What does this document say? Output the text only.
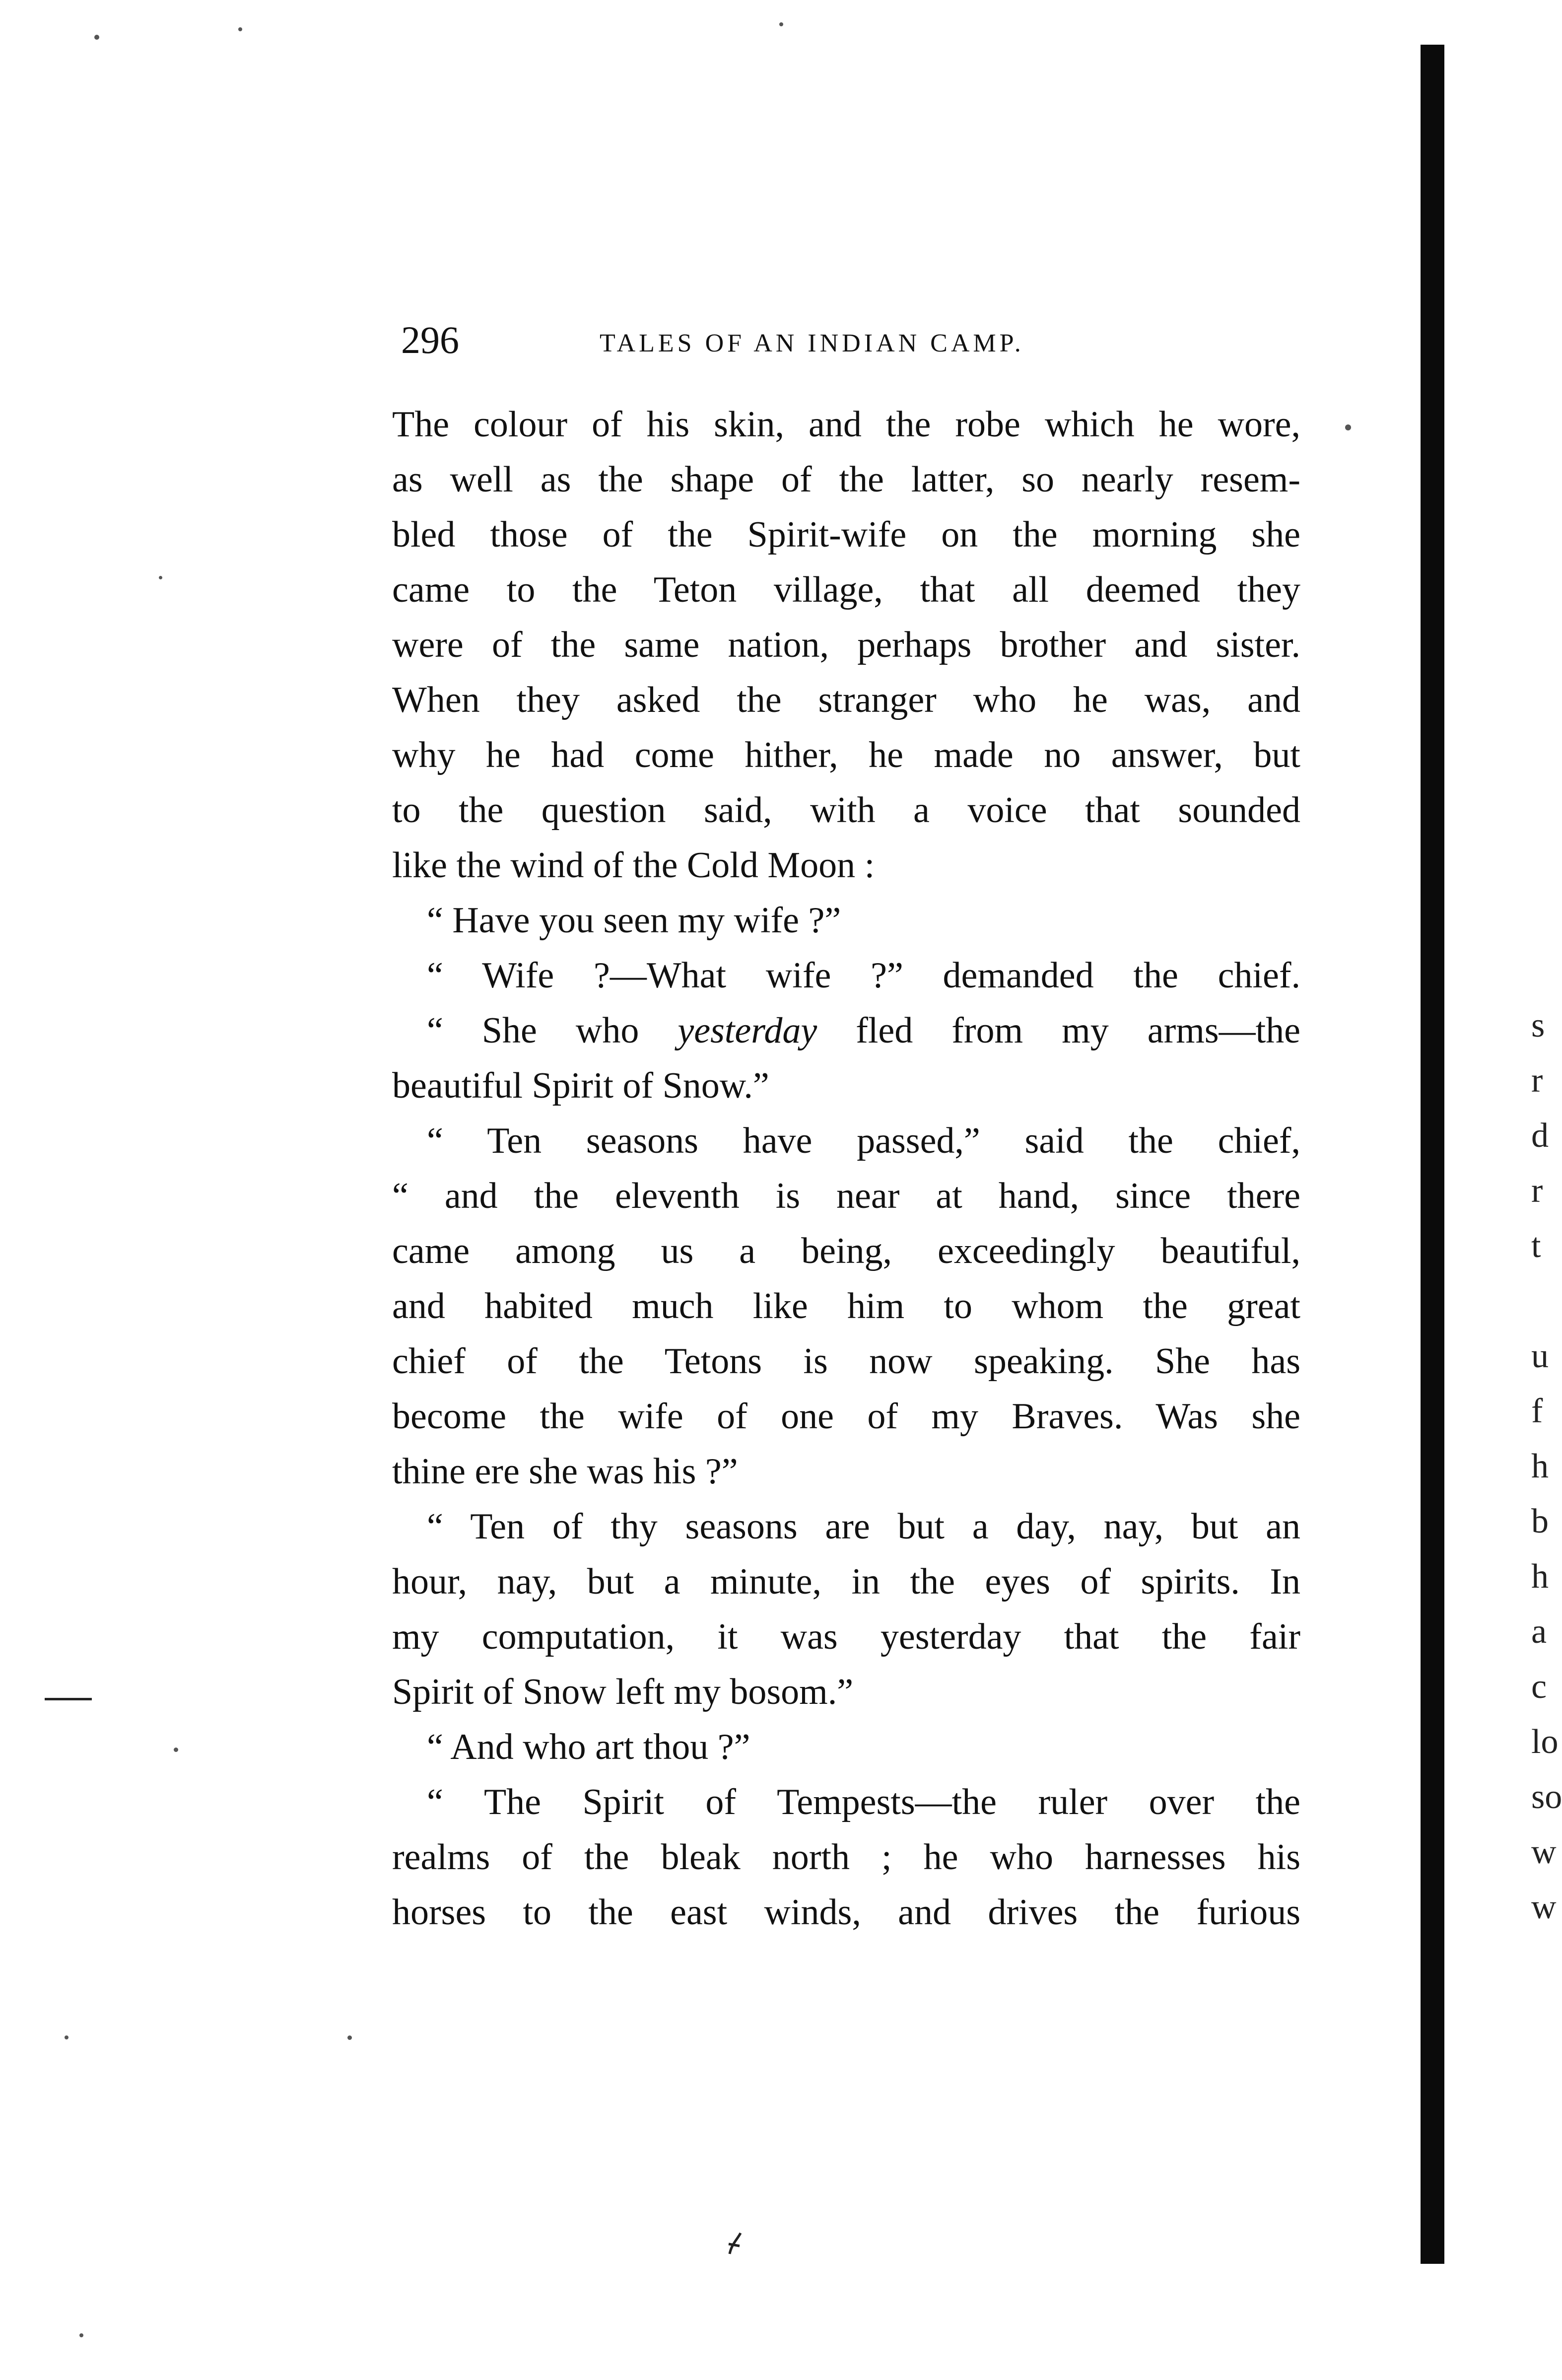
296	TALES OF AN INDIAN CAMP.
The colour of his skin, and the robe which he wore,
as well as the shape of the latter, so nearly resem-
bled those of the Spirit-wife on the morning she
came to the Teton village, that all deemed they
were of the same nation, perhaps brother and sister.
When they asked the stranger who he was, and
why he had come hither, he made no answer, but
to the question said, with a voice that sounded
like the wind of the Cold Moon :
“ Have you seen my wife ?”
“ Wife ?—What wife ?” demanded the chief.
“ She who yesterday fled from my arms—the
beautiful Spirit of Snow.”
“ Ten seasons have passed,” said the chief,
“ and the eleventh is near at hand, since there
came among us a being, exceedingly beautiful,
and habited much like him to whom the great
chief of the Tetons is now speaking. She has
become the wife of one of my Braves. Was she
thine ere she was his ?”
“ Ten of thy seasons are but a day, nay, but an
hour, nay, but a minute, in the eyes of spirits. In
my computation, it was yesterday that the fair
Spirit of Snow left my bosom.”
“ And who art thou ?”
“ The Spirit of Tempests—the ruler over the
realms of the bleak north ; he who harnesses his
horses to the east winds, and drives the furious
s
r
d
r
t
u
f
h
b
h
a
c
lo
so
w
w
